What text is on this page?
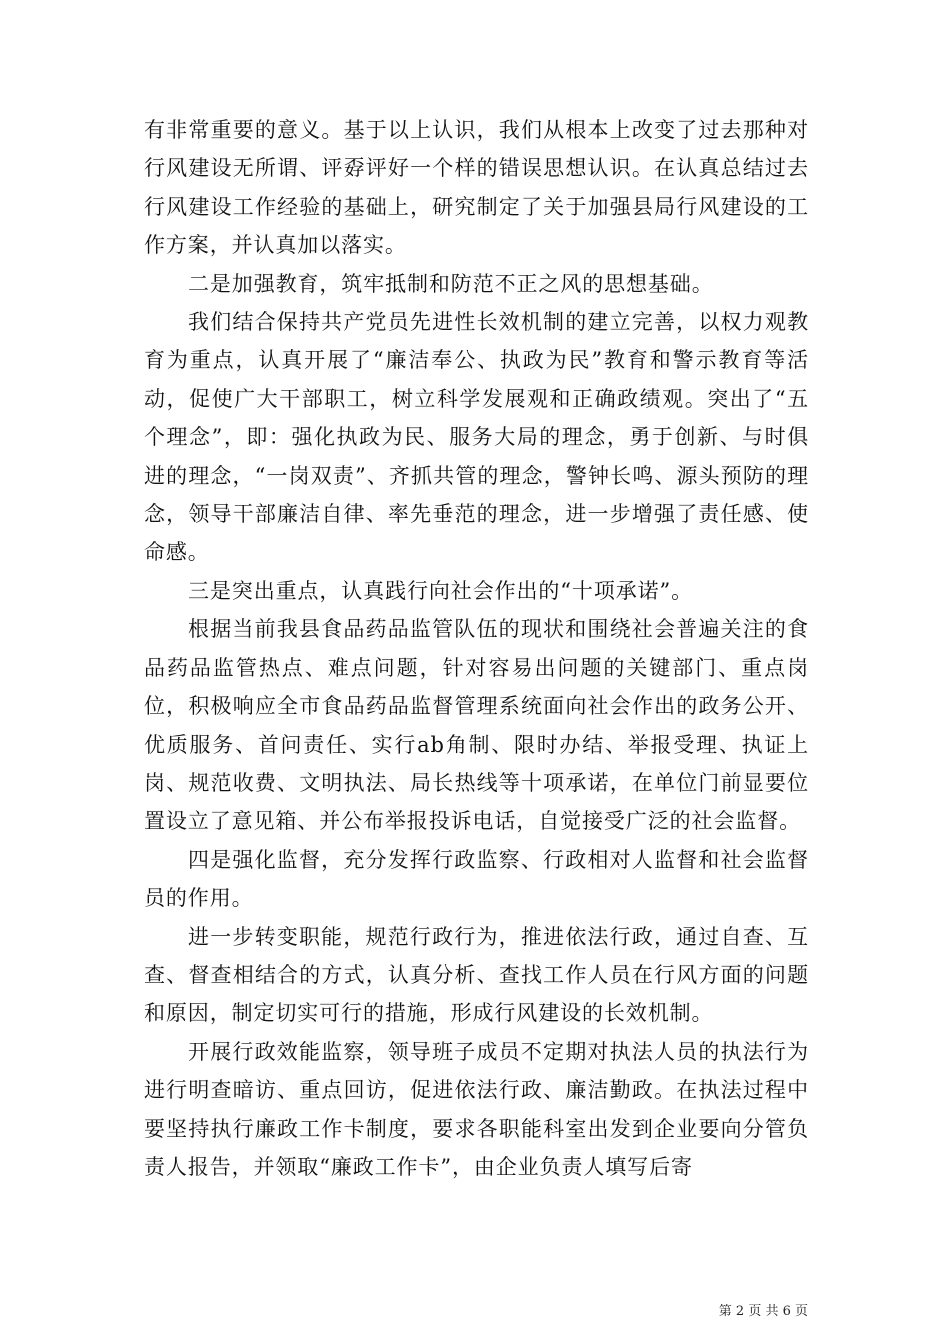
有非常重要的意义。基于以上认识，我们从根本上改变了过去那种对行风建设无所谓、评孬评好一个样的错误思想认识。在认真总结过去行风建设工作经验的基础上，研究制定了关于加强县局行风建设的工作方案，并认真加以落实。

二是加强教育，筑牢抵制和防范不正之风的思想基础。

我们结合保持共产党员先进性长效机制的建立完善，以权力观教育为重点，认真开展了“廉洁奉公、执政为民”教育和警示教育等活动，促使广大干部职工，树立科学发展观和正确政绩观。突出了“五个理念”，即：强化执政为民、服务大局的理念，勇于创新、与时俱进的理念，“一岗双责”、齐抓共管的理念，警钟长鸣、源头预防的理念，领导干部廉洁自律、率先垂范的理念，进一步增强了责任感、使命感。

三是突出重点，认真践行向社会作出的“十项承诺”。

根据当前我县食品药品监管队伍的现状和围绕社会普遍关注的食品药品监管热点、难点问题，针对容易出问题的关键部门、重点岗位，积极响应全市食品药品监督管理系统面向社会作出的政务公开、优质服务、首问责任、实行ab角制、限时办结、举报受理、执证上岗、规范收费、文明执法、局长热线等十项承诺，在单位门前显要位置设立了意见箱、并公布举报投诉电话，自觉接受广泛的社会监督。

四是强化监督，充分发挥行政监察、行政相对人监督和社会监督员的作用。

进一步转变职能，规范行政行为，推进依法行政，通过自查、互查、督查相结合的方式，认真分析、查找工作人员在行风方面的问题和原因，制定切实可行的措施，形成行风建设的长效机制。

开展行政效能监察，领导班子成员不定期对执法人员的执法行为进行明查暗访、重点回访，促进依法行政、廉洁勤政。在执法过程中要坚持执行廉政工作卡制度，要求各职能科室出发到企业要向分管负责人报告，并领取“廉政工作卡”，由企业负责人填写后寄

第 2 页 共 6 页
